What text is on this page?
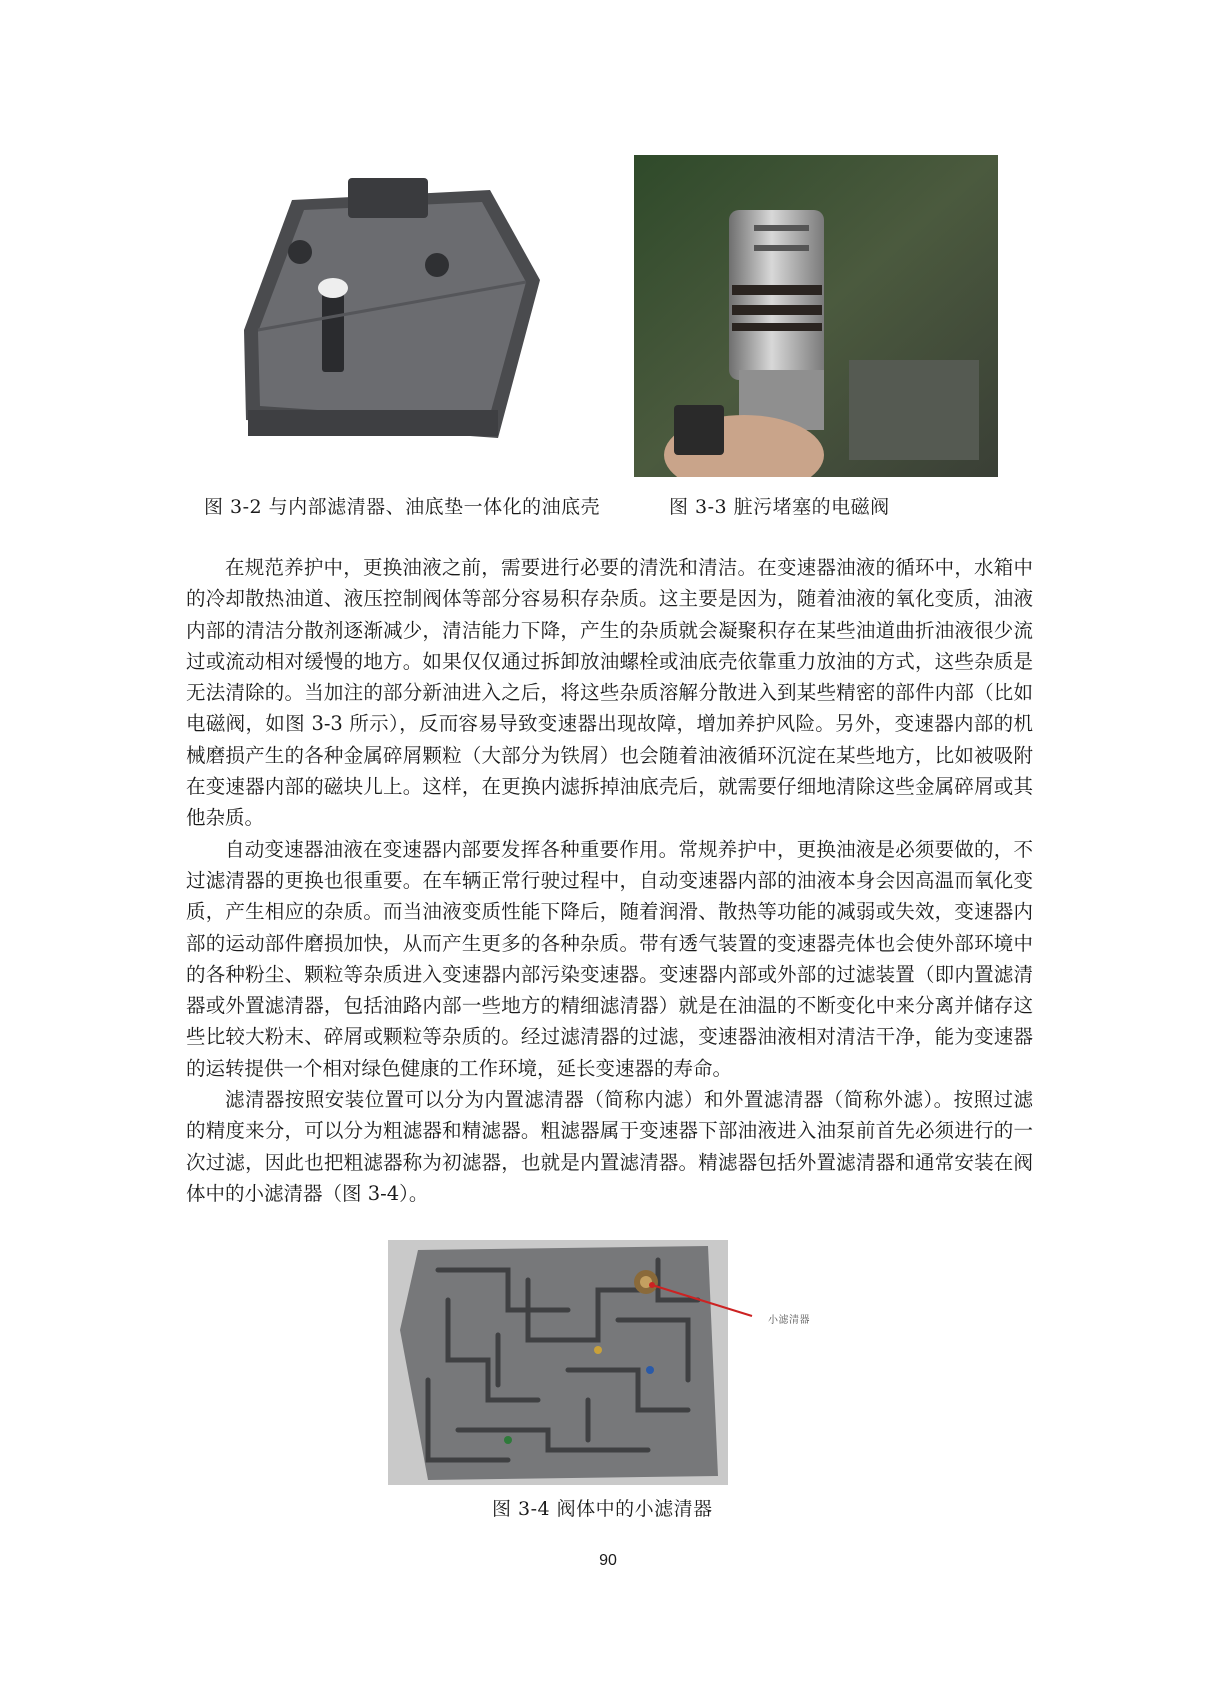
图 3-2 与内部滤清器、油底垫一体化的油底壳	图 3-3 脏污堵塞的电磁阀

在规范养护中，更换油液之前，需要进行必要的清洗和清洁。在变速器油液的循环中，水箱中的冷却散热油道、液压控制阀体等部分容易积存杂质。这主要是因为，随着油液的氧化变质，油液内部的清洁分散剂逐渐减少，清洁能力下降，产生的杂质就会凝聚积存在某些油道曲折油液很少流过或流动相对缓慢的地方。如果仅仅通过拆卸放油螺栓或油底壳依靠重力放油的方式，这些杂质是无法清除的。当加注的部分新油进入之后，将这些杂质溶解分散进入到某些精密的部件内部（比如电磁阀，如图 3-3 所示），反而容易导致变速器出现故障，增加养护风险。另外，变速器内部的机械磨损产生的各种金属碎屑颗粒（大部分为铁屑）也会随着油液循环沉淀在某些地方，比如被吸附在变速器内部的磁块儿上。这样，在更换内滤拆掉油底壳后，就需要仔细地清除这些金属碎屑或其他杂质。

自动变速器油液在变速器内部要发挥各种重要作用。常规养护中，更换油液是必须要做的，不过滤清器的更换也很重要。在车辆正常行驶过程中，自动变速器内部的油液本身会因高温而氧化变质，产生相应的杂质。而当油液变质性能下降后，随着润滑、散热等功能的减弱或失效，变速器内部的运动部件磨损加快，从而产生更多的各种杂质。带有透气装置的变速器壳体也会使外部环境中的各种粉尘、颗粒等杂质进入变速器内部污染变速器。变速器内部或外部的过滤装置（即内置滤清器或外置滤清器，包括油路内部一些地方的精细滤清器）就是在油温的不断变化中来分离并储存这些比较大粉末、碎屑或颗粒等杂质的。经过滤清器的过滤，变速器油液相对清洁干净，能为变速器的运转提供一个相对绿色健康的工作环境，延长变速器的寿命。

滤清器按照安装位置可以分为内置滤清器（简称内滤）和外置滤清器（简称外滤）。按照过滤的精度来分，可以分为粗滤器和精滤器。粗滤器属于变速器下部油液进入油泵前首先必须进行的一次过滤，因此也把粗滤器称为初滤器，也就是内置滤清器。精滤器包括外置滤清器和通常安装在阀体中的小滤清器（图 3-4）。

小滤清器
图 3-4 阀体中的小滤清器
90
